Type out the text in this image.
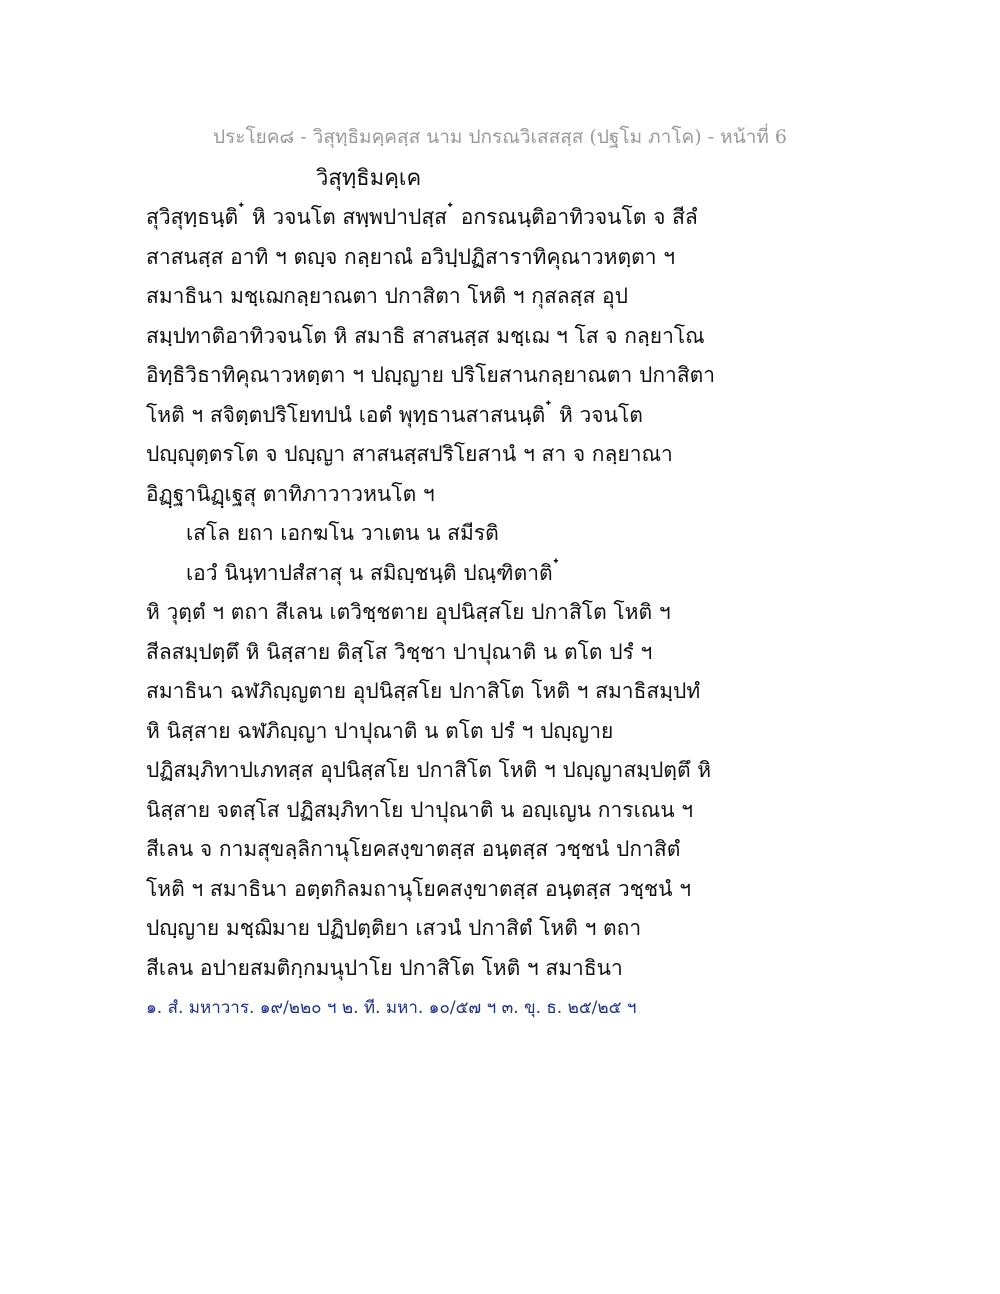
ประโยค๘ - วิสุทฺธิมคฺคสฺส นาม ปกรณวิเสสสฺส (ปฐโม ภาโค) - หน้าที่ 6
วิสุทฺธิมคฺเค
สุวิสุทฺธนฺติ ๋ หิ วจนโต สพฺพปาปสฺส ๋ อกรณนฺติอาทิวจนโต จ สีลํ
สาสนสฺส อาทิ ฯ ตญฺจ กลฺยาณํ อวิปฺปฏิสาราทิคุณาวหตฺตา ฯ
สมาธินา มชฺเฌกลฺยาณตา ปกาสิตา โหติ ฯ กุสลสฺส อุป
สมฺปทาติอาทิวจนโต หิ สมาธิ สาสนสฺส มชฺเฌ ฯ โส จ กลฺยาโณ
อิทฺธิวิธาทิคุณาวหตฺตา ฯ ปญฺญาย ปริโยสานกลฺยาณตา ปกาสิตา
โหติ ฯ สจิตฺตปริโยทปนํ เอตํ พุทฺธานสาสนนฺติ ๋ หิ วจนโต
ปญฺญุตฺตรโต จ ปญฺญา สาสนสฺสปริโยสานํ ฯ สา จ กลฺยาณา
อิฏฺฐานิฏฺเฐสุ ตาทิภาวาวหนโต ฯ
เสโล ยถา เอกฆโน วาเตน น สมีรติ
เอวํ นินฺทาปสํสาสุ น สมิญฺชนฺติ ปณฺฑิตาติ ๋
หิ วุตฺตํ ฯ ตถา สีเลน เตวิชฺชตาย อุปนิสฺสโย ปกาสิโต โหติ ฯ
สีลสมฺปตฺตึ หิ นิสฺสาย ติสฺโส วิชฺชา ปาปุณาติ น ตโต ปรํ ฯ
สมาธินา ฉฬภิญฺญตาย อุปนิสฺสโย ปกาสิโต โหติ ฯ สมาธิสมฺปทํ
หิ นิสฺสาย ฉฬภิญฺญา ปาปุณาติ น ตโต ปรํ ฯ ปญฺญาย
ปฏิสมฺภิทาปเภทสฺส อุปนิสฺสโย ปกาสิโต โหติ ฯ ปญฺญาสมฺปตฺตึ หิ
นิสฺสาย จตสฺโส ปฏิสมฺภิทาโย ปาปุณาติ น อญฺเญน การเณน ฯ
สีเลน จ กามสุขลฺลิกานุโยคสงฺขาตสฺส อนฺตสฺส วชฺชนํ ปกาสิตํ
โหติ ฯ สมาธินา อตฺตกิลมถานุโยคสงฺขาตสฺส อนฺตสฺส วชฺชนํ ฯ
ปญฺญาย มชฺฌิมาย ปฏิปตฺติยา เสวนํ ปกาสิตํ โหติ ฯ ตถา
สีเลน อปายสมติกฺกมนุปาโย ปกาสิโต โหติ ฯ สมาธินา
๑. สํ. มหาวาร. ๑๙/๒๒๐ ฯ ๒. ที. มหา. ๑๐/๕๗ ฯ ๓. ขุ. ธ. ๒๕/๒๕ ฯ
